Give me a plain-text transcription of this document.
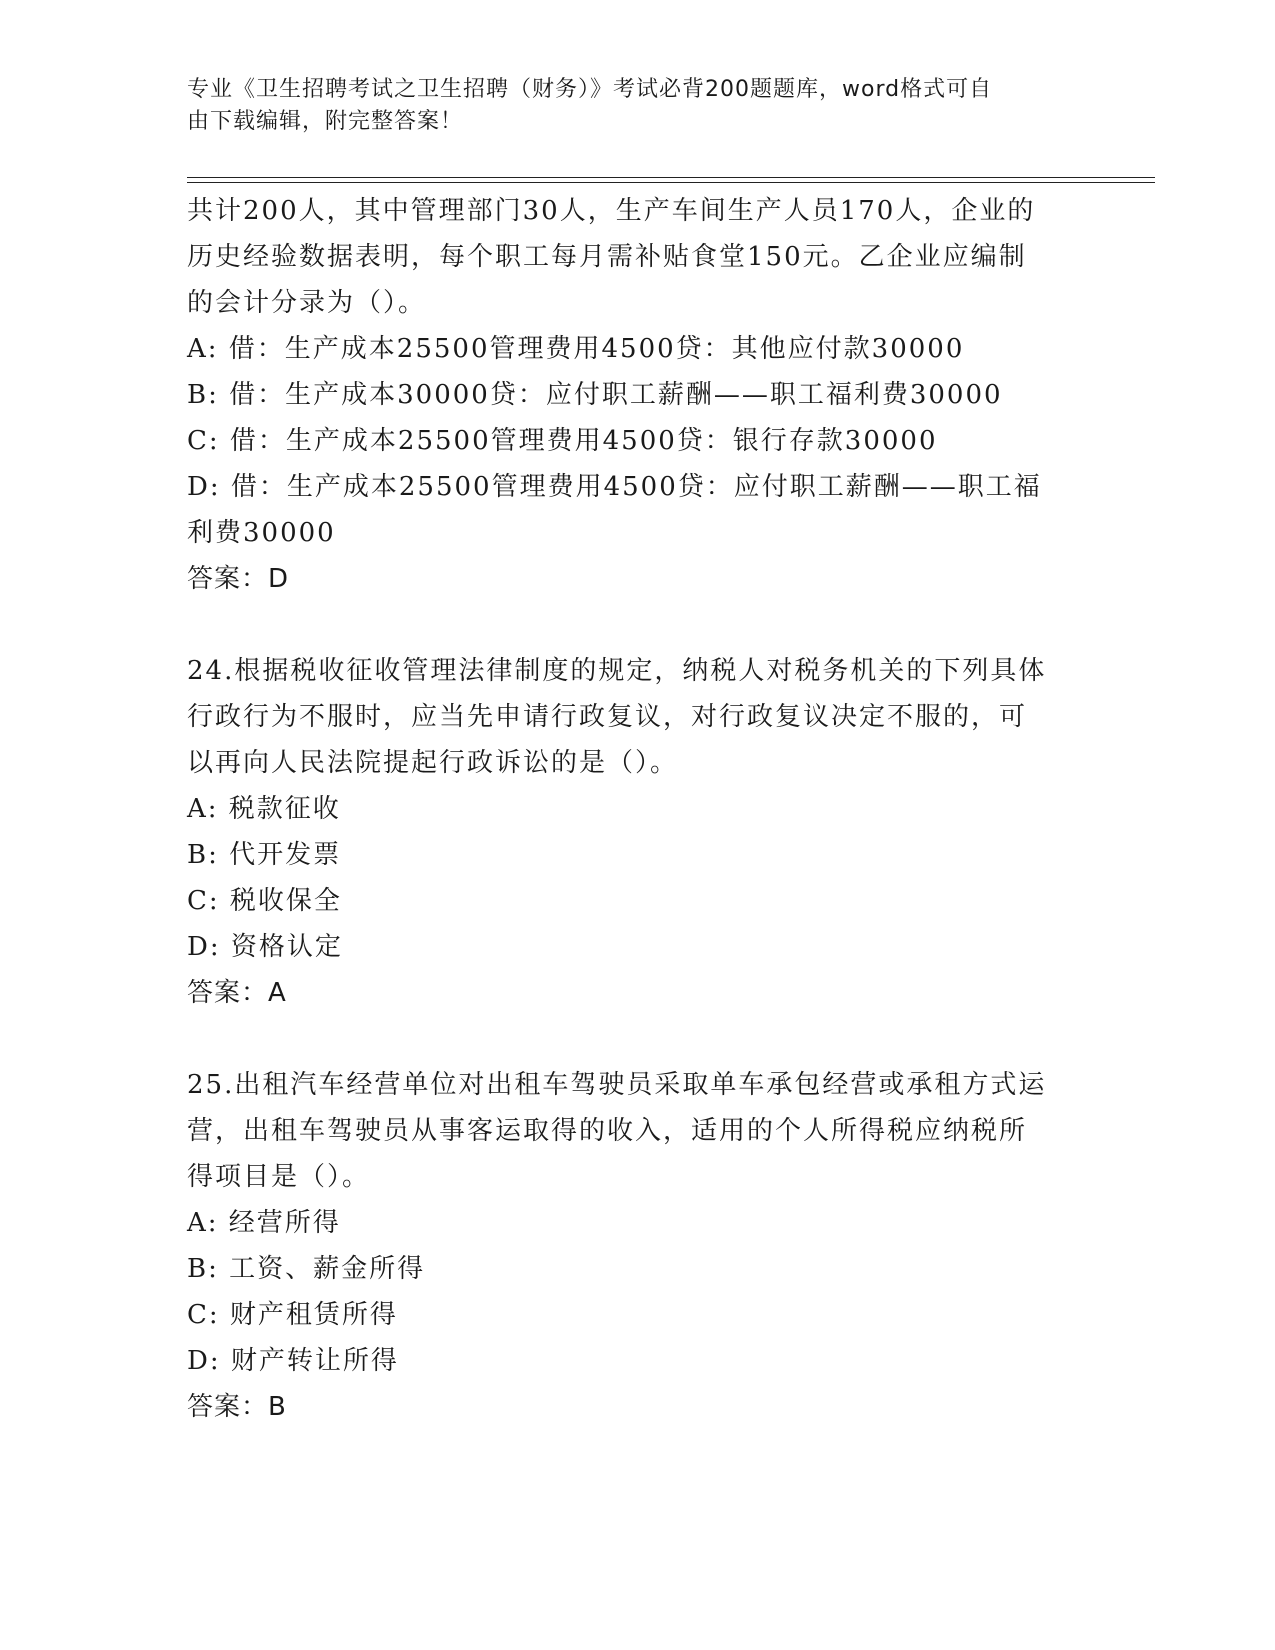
专业《卫生招聘考试之卫生招聘（财务）》考试必背200题题库，word格式可自
由下载编辑，附完整答案！
共计200人，其中管理部门30人，生产车间生产人员170人，企业的
历史经验数据表明，每个职工每月需补贴食堂150元。乙企业应编制
的会计分录为（）。
A: 借：生产成本25500管理费用4500贷：其他应付款30000
B: 借：生产成本30000贷：应付职工薪酬——职工福利费30000
C: 借：生产成本25500管理费用4500贷：银行存款30000
D: 借：生产成本25500管理费用4500贷：应付职工薪酬——职工福
利费30000
答案：D
24.根据税收征收管理法律制度的规定，纳税人对税务机关的下列具体
行政行为不服时，应当先申请行政复议，对行政复议决定不服的，可
以再向人民法院提起行政诉讼的是（）。
A: 税款征收
B: 代开发票
C: 税收保全
D: 资格认定
答案：A
25.出租汽车经营单位对出租车驾驶员采取单车承包经营或承租方式运
营，出租车驾驶员从事客运取得的收入，适用的个人所得税应纳税所
得项目是（）。
A: 经营所得
B: 工资、薪金所得
C: 财产租赁所得
D: 财产转让所得
答案：B
